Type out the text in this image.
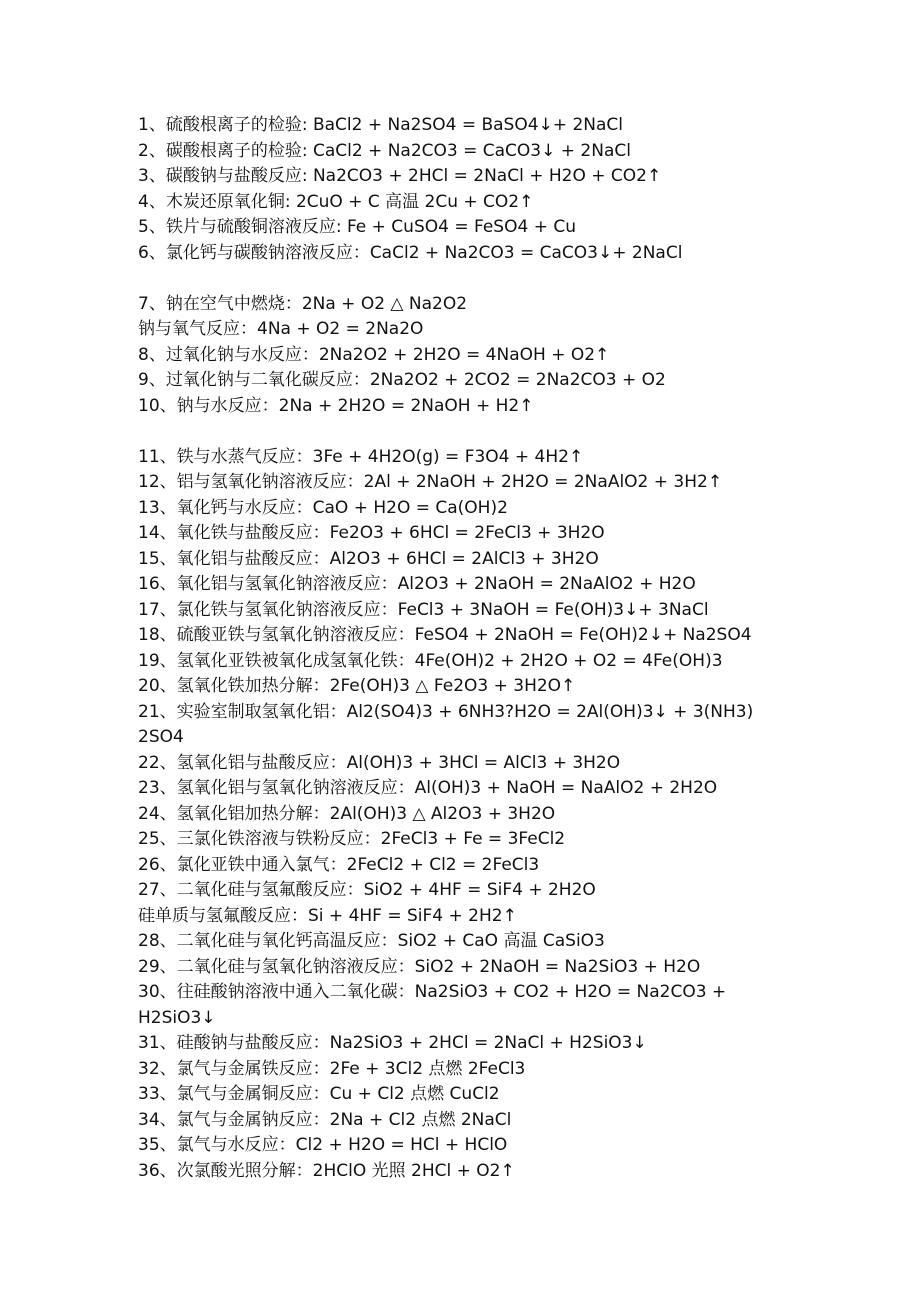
1、硫酸根离子的检验: BaCl2 + Na2SO4 = BaSO4↓+ 2NaCl
2、碳酸根离子的检验: CaCl2 + Na2CO3 = CaCO3↓ + 2NaCl
3、碳酸钠与盐酸反应: Na2CO3 + 2HCl = 2NaCl + H2O + CO2↑
4、木炭还原氧化铜: 2CuO + C 高温 2Cu + CO2↑
5、铁片与硫酸铜溶液反应: Fe + CuSO4 = FeSO4 + Cu
6、氯化钙与碳酸钠溶液反应：CaCl2 + Na2CO3 = CaCO3↓+ 2NaCl
7、钠在空气中燃烧：2Na + O2 △ Na2O2
钠与氧气反应：4Na + O2 = 2Na2O
8、过氧化钠与水反应：2Na2O2 + 2H2O = 4NaOH + O2↑
9、过氧化钠与二氧化碳反应：2Na2O2 + 2CO2 = 2Na2CO3 + O2
10、钠与水反应：2Na + 2H2O = 2NaOH + H2↑
11、铁与水蒸气反应：3Fe + 4H2O(g) = F3O4 + 4H2↑
12、铝与氢氧化钠溶液反应：2Al + 2NaOH + 2H2O = 2NaAlO2 + 3H2↑
13、氧化钙与水反应：CaO + H2O = Ca(OH)2
14、氧化铁与盐酸反应：Fe2O3 + 6HCl = 2FeCl3 + 3H2O
15、氧化铝与盐酸反应：Al2O3 + 6HCl = 2AlCl3 + 3H2O
16、氧化铝与氢氧化钠溶液反应：Al2O3 + 2NaOH = 2NaAlO2 + H2O
17、氯化铁与氢氧化钠溶液反应：FeCl3 + 3NaOH = Fe(OH)3↓+ 3NaCl
18、硫酸亚铁与氢氧化钠溶液反应：FeSO4 + 2NaOH = Fe(OH)2↓+ Na2SO4
19、氢氧化亚铁被氧化成氢氧化铁：4Fe(OH)2 + 2H2O + O2 = 4Fe(OH)3
20、氢氧化铁加热分解：2Fe(OH)3 △ Fe2O3 + 3H2O↑
21、实验室制取氢氧化铝：Al2(SO4)3 + 6NH3?H2O = 2Al(OH)3↓ + 3(NH3)
2SO4
22、氢氧化铝与盐酸反应：Al(OH)3 + 3HCl = AlCl3 + 3H2O
23、氢氧化铝与氢氧化钠溶液反应：Al(OH)3 + NaOH = NaAlO2 + 2H2O
24、氢氧化铝加热分解：2Al(OH)3 △ Al2O3 + 3H2O
25、三氯化铁溶液与铁粉反应：2FeCl3 + Fe = 3FeCl2
26、氯化亚铁中通入氯气：2FeCl2 + Cl2 = 2FeCl3
27、二氧化硅与氢氟酸反应：SiO2 + 4HF = SiF4 + 2H2O
硅单质与氢氟酸反应：Si + 4HF = SiF4 + 2H2↑
28、二氧化硅与氧化钙高温反应：SiO2 + CaO 高温 CaSiO3
29、二氧化硅与氢氧化钠溶液反应：SiO2 + 2NaOH = Na2SiO3 + H2O
30、往硅酸钠溶液中通入二氧化碳：Na2SiO3 + CO2 + H2O = Na2CO3 +
H2SiO3↓
31、硅酸钠与盐酸反应：Na2SiO3 + 2HCl = 2NaCl + H2SiO3↓
32、氯气与金属铁反应：2Fe + 3Cl2 点燃 2FeCl3
33、氯气与金属铜反应：Cu + Cl2 点燃 CuCl2
34、氯气与金属钠反应：2Na + Cl2 点燃 2NaCl
35、氯气与水反应：Cl2 + H2O = HCl + HClO
36、次氯酸光照分解：2HClO 光照 2HCl + O2↑
